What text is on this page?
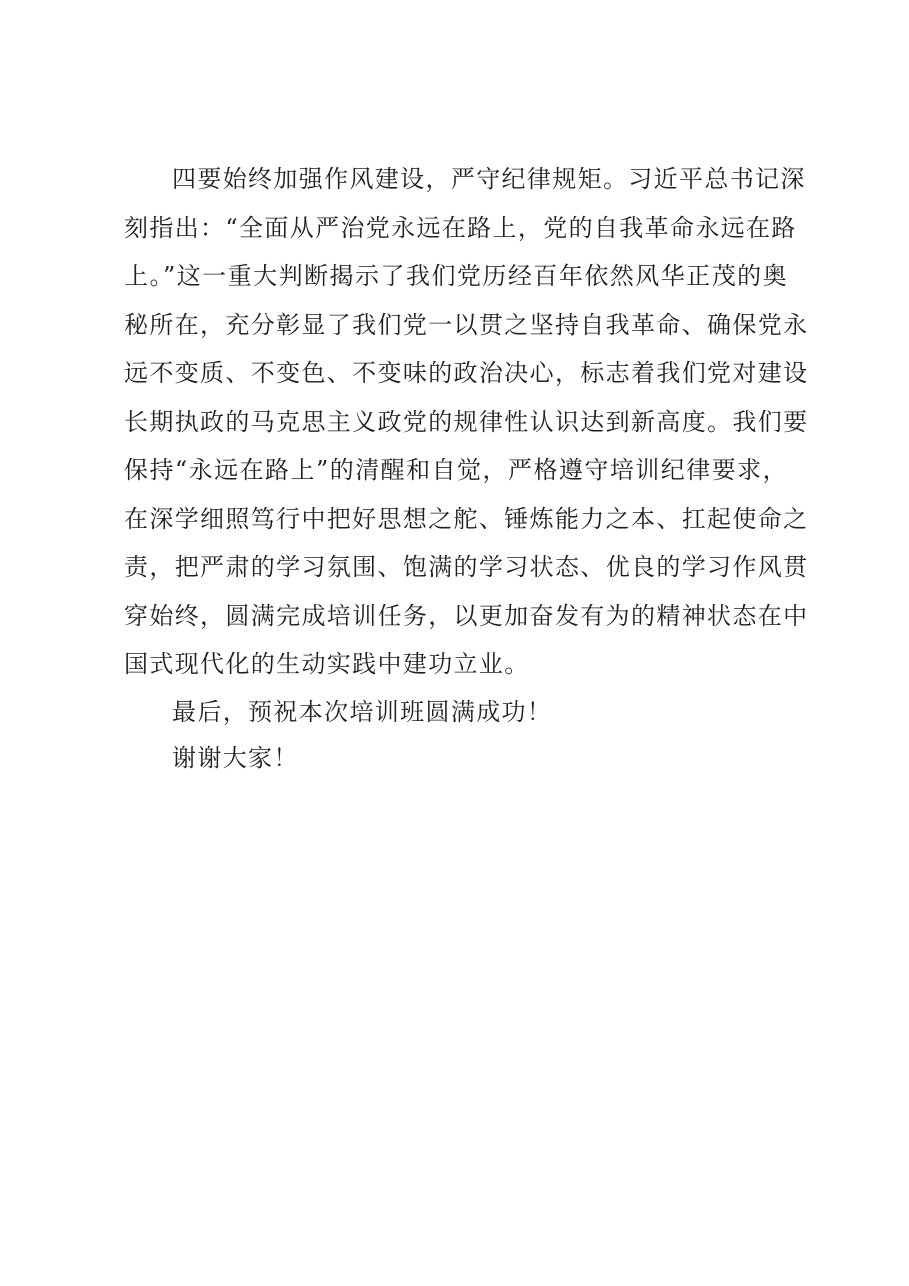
四要始终加强作风建设，严守纪律规矩。习近平总书记深
刻指出：“全面从严治党永远在路上，党的自我革命永远在路
上。”这一重大判断揭示了我们党历经百年依然风华正茂的奥
秘所在，充分彰显了我们党一以贯之坚持自我革命、确保党永
远不变质、不变色、不变味的政治决心，标志着我们党对建设
长期执政的马克思主义政党的规律性认识达到新高度。我们要
保持“永远在路上”的清醒和自觉，严格遵守培训纪律要求，
在深学细照笃行中把好思想之舵、锤炼能力之本、扛起使命之
责，把严肃的学习氛围、饱满的学习状态、优良的学习作风贯
穿始终，圆满完成培训任务，以更加奋发有为的精神状态在中
国式现代化的生动实践中建功立业。

最后，预祝本次培训班圆满成功！

谢谢大家！
